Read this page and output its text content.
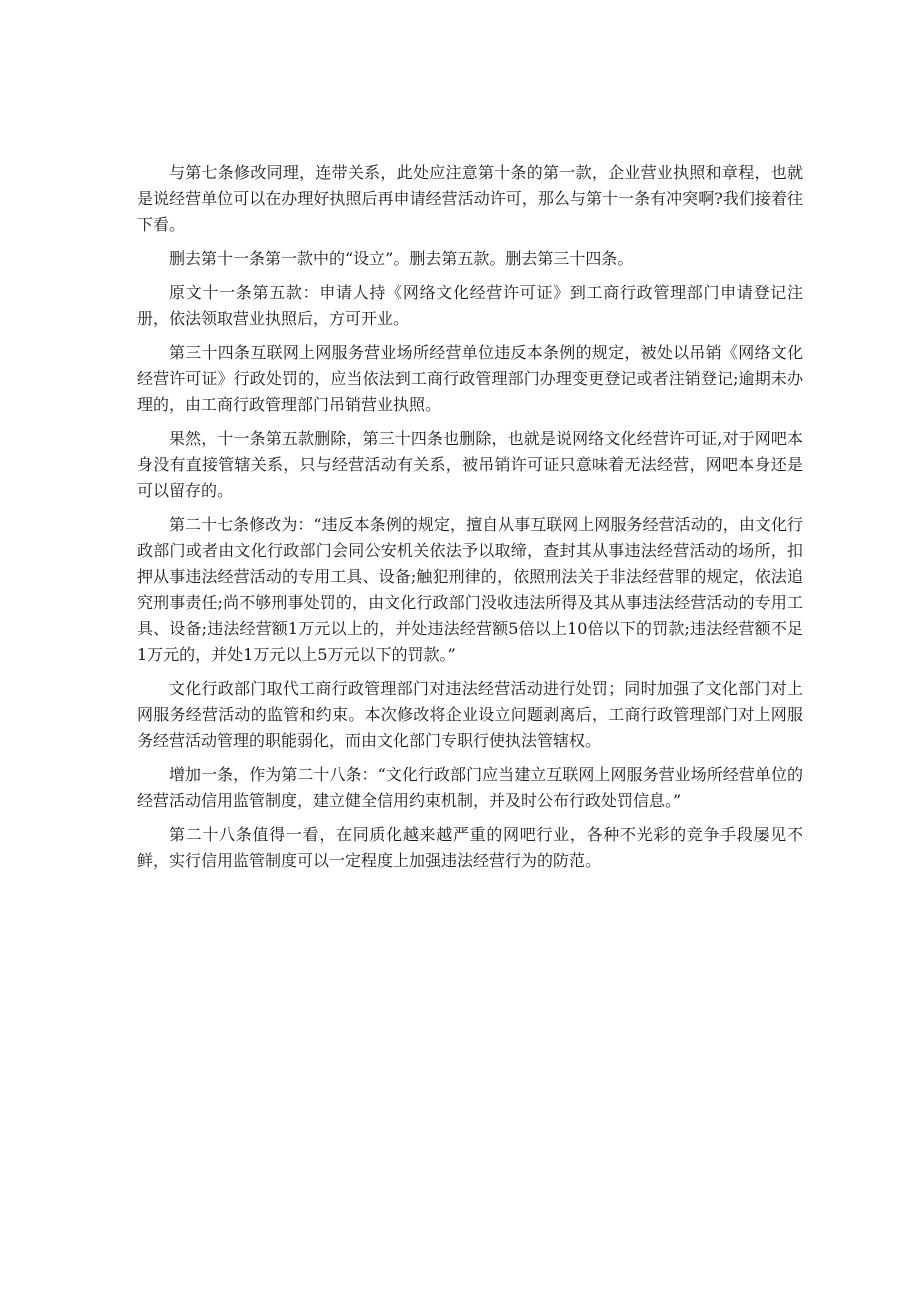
与第七条修改同理，连带关系，此处应注意第十条的第一款，企业营业执照和章程，也就是说经营单位可以在办理好执照后再申请经营活动许可，那么与第十一条有冲突啊?我们接着往下看。

删去第十一条第一款中的“设立”。删去第五款。删去第三十四条。

原文十一条第五款：申请人持《网络文化经营许可证》到工商行政管理部门申请登记注册，依法领取营业执照后，方可开业。

第三十四条互联网上网服务营业场所经营单位违反本条例的规定，被处以吊销《网络文化经营许可证》行政处罚的，应当依法到工商行政管理部门办理变更登记或者注销登记;逾期未办理的，由工商行政管理部门吊销营业执照。

果然，十一条第五款删除，第三十四条也删除，也就是说网络文化经营许可证,对于网吧本身没有直接管辖关系，只与经营活动有关系，被吊销许可证只意味着无法经营，网吧本身还是可以留存的。

第二十七条修改为：“违反本条例的规定，擅自从事互联网上网服务经营活动的，由文化行政部门或者由文化行政部门会同公安机关依法予以取缔，查封其从事违法经营活动的场所，扣押从事违法经营活动的专用工具、设备;触犯刑律的，依照刑法关于非法经营罪的规定，依法追究刑事责任;尚不够刑事处罚的，由文化行政部门没收违法所得及其从事违法经营活动的专用工具、设备;违法经营额1万元以上的，并处违法经营额5倍以上10倍以下的罚款;违法经营额不足1万元的，并处1万元以上5万元以下的罚款。”

文化行政部门取代工商行政管理部门对违法经营活动进行处罚；同时加强了文化部门对上网服务经营活动的监管和约束。本次修改将企业设立问题剥离后，工商行政管理部门对上网服务经营活动管理的职能弱化，而由文化部门专职行使执法管辖权。

增加一条，作为第二十八条：“文化行政部门应当建立互联网上网服务营业场所经营单位的经营活动信用监管制度，建立健全信用约束机制，并及时公布行政处罚信息。”

第二十八条值得一看，在同质化越来越严重的网吧行业，各种不光彩的竞争手段屡见不鲜，实行信用监管制度可以一定程度上加强违法经营行为的防范。
